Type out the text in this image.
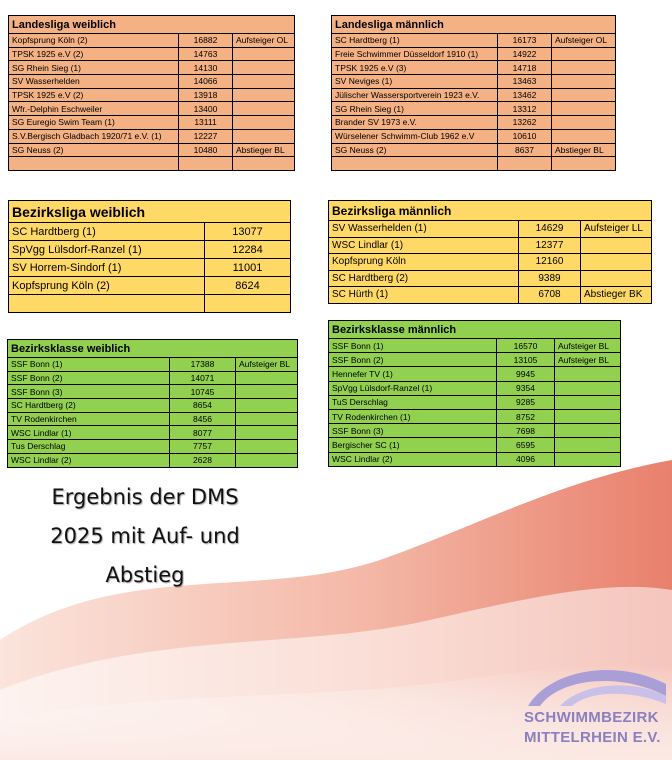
Landesliga weiblich		
Kopfsprung Köln (2)	16882	Aufsteiger OL
TPSK 1925 e.V (2)	14763	
SG Rhein Sieg (1)	14130	
SV Wasserhelden	14066	
TPSK 1925 e.V (2)	13918	
Wfr.-Delphin Eschweiler	13400	
SG Euregio Swim Team (1)	13111	
S.V.Bergisch Gladbach 1920/71 e.V. (1)	12227	
SG Neuss (2)	10480	Abstieger BL

Landesliga männlich		
SC Hardtberg (1)	16173	Aufsteiger OL
Freie Schwimmer Düsseldorf 1910 (1)	14922	
TPSK 1925 e.V (3)	14718	
SV Neviges (1)	13463	
Jülischer Wassersportverein 1923 e.V.	13462	
SG Rhein Sieg (1)	13312	
Brander SV 1973 e.V.	13262	
Würselener Schwimm-Club 1962 e.V	10610	
SG Neuss (2)	8637	Abstieger BL

Bezirksliga weiblich	
SC Hardtberg (1)	13077
SpVgg Lülsdorf-Ranzel (1)	12284
SV Horrem-Sindorf (1)	11001
Kopfsprung Köln (2)	8624

Bezirksliga männlich		
SV Wasserhelden (1)	14629	Aufsteiger LL
WSC Lindlar (1)	12377	
Kopfsprung Köln	12160	
SC Hardtberg (2)	9389	
SC Hürth (1)	6708	Abstieger BK
Bezirksklasse weiblich		
SSF Bonn (1)	17388	Aufsteiger BL
SSF Bonn (2)	14071	
SSF Bonn (3)	10745	
SC Hardtberg (2)	8654	
TV Rodenkirchen	8456	
WSC Lindlar (1)	8077	
Tus Derschlag	7757	
WSC Lindlar (2)	2628	
Bezirksklasse männlich		
SSF Bonn (1)	16570	Aufsteiger BL
SSF Bonn (2)	13105	Aufsteiger BL
Hennefer TV (1)	9945	
SpVgg Lülsdorf-Ranzel (1)	9354	
TuS Derschlag	9285	
TV Rodenkirchen (1)	8752	
SSF Bonn (3)	7698	
Bergischer SC (1)	6595	
WSC Lindlar (2)	4096	
Ergebnis der DMS
2025 mit Auf- und
Abstieg
SCHWIMMBEZIRK
MITTELRHEIN E.V.
